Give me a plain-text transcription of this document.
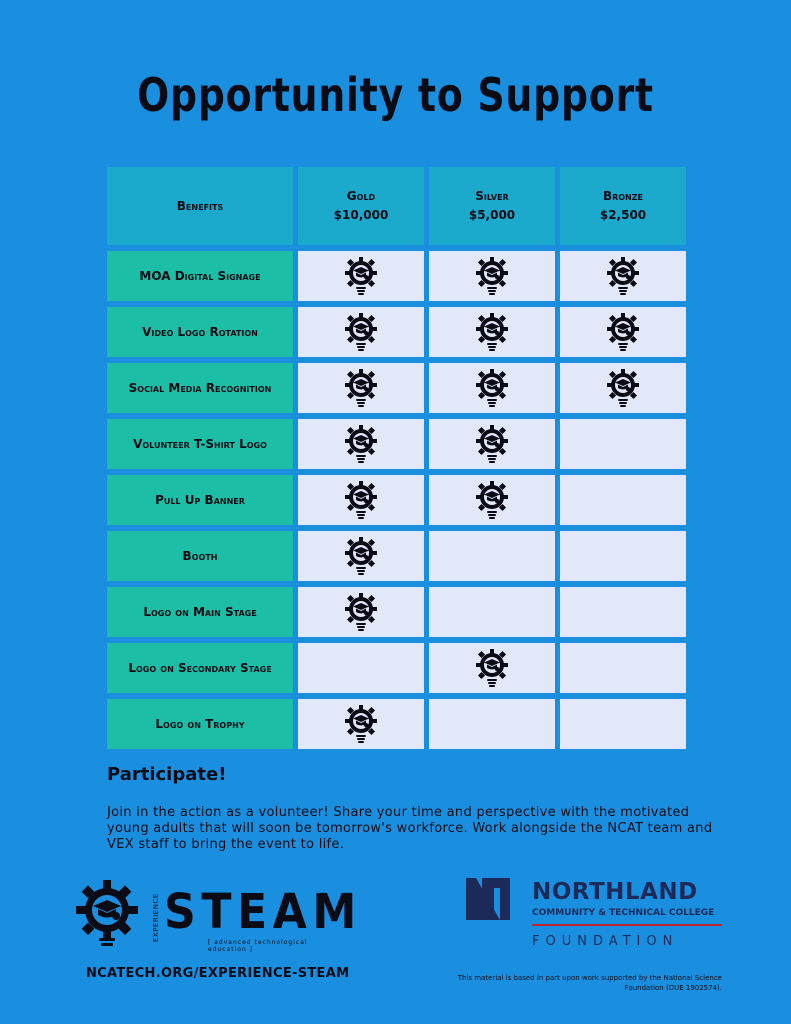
Opportunity to Support
Benefits
Gold
$10,000
Silver
$5,000
Bronze
$2,500
MOA Digital Signage
Video Logo Rotation
Social Media Recognition
Volunteer T-Shirt Logo
Pull Up Banner
Booth
Logo on Main Stage
Logo on Secondary Stage
Logo on Trophy
Participate!

Join in the action as a volunteer! Share your time and perspective with the motivated young adults that will soon be tomorrow's workforce. Work alongside the NCAT team and VEX staff to bring the event to life.

EXPERIENCE STEAM
[ advanced technological education ]
NCATECH.ORG/EXPERIENCE-STEAM
NORTHLAND
COMMUNITY & TECHNICAL COLLEGE
FOUNDATION
This material is based in part upon work supported by the National Science Foundation (DUE 1902574).
